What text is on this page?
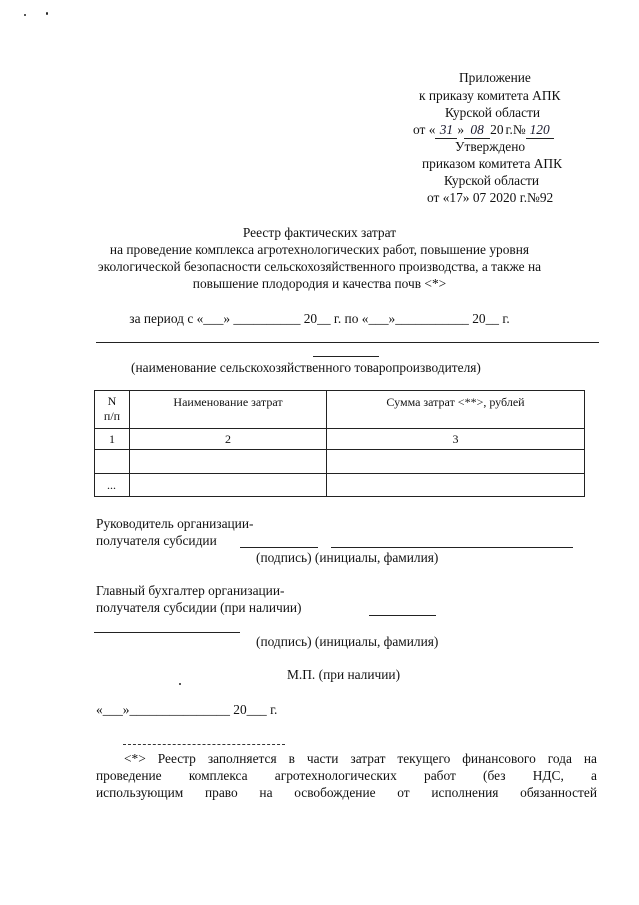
Приложение
к приказу комитета АПК
Курской области
от « 31 » 08 20 г.№ 120
Утверждено
приказом комитета АПК
Курской области
от «17» 07 2020 г.№92
Реестр фактических затрат
на проведение комплекса агротехнологических работ, повышение уровня
экологической безопасности сельскохозяйственного производства, а также на
повышение плодородия и качества почв <*>
за период с «___» __________ 20__ г. по «___»___________ 20__ г.
(наименование сельскохозяйственного товаропроизводителя)
N
п/п	Наименование затрат	Сумма затрат <**>, рублей
1	2	3

...		
Руководитель организации-
получателя субсидии
(подпись) (инициалы, фамилия)
Главный бухгалтер организации-
получателя субсидии (при наличии)
(подпись) (инициалы, фамилия)
М.П. (при наличии)
«___»_______________ 20___ г.
<*> Реестр заполняется в части затрат текущего финансового года на
проведение комплекса агротехнологических работ (без НДС, а
использующим право на освобождение от исполнения обязанностей
